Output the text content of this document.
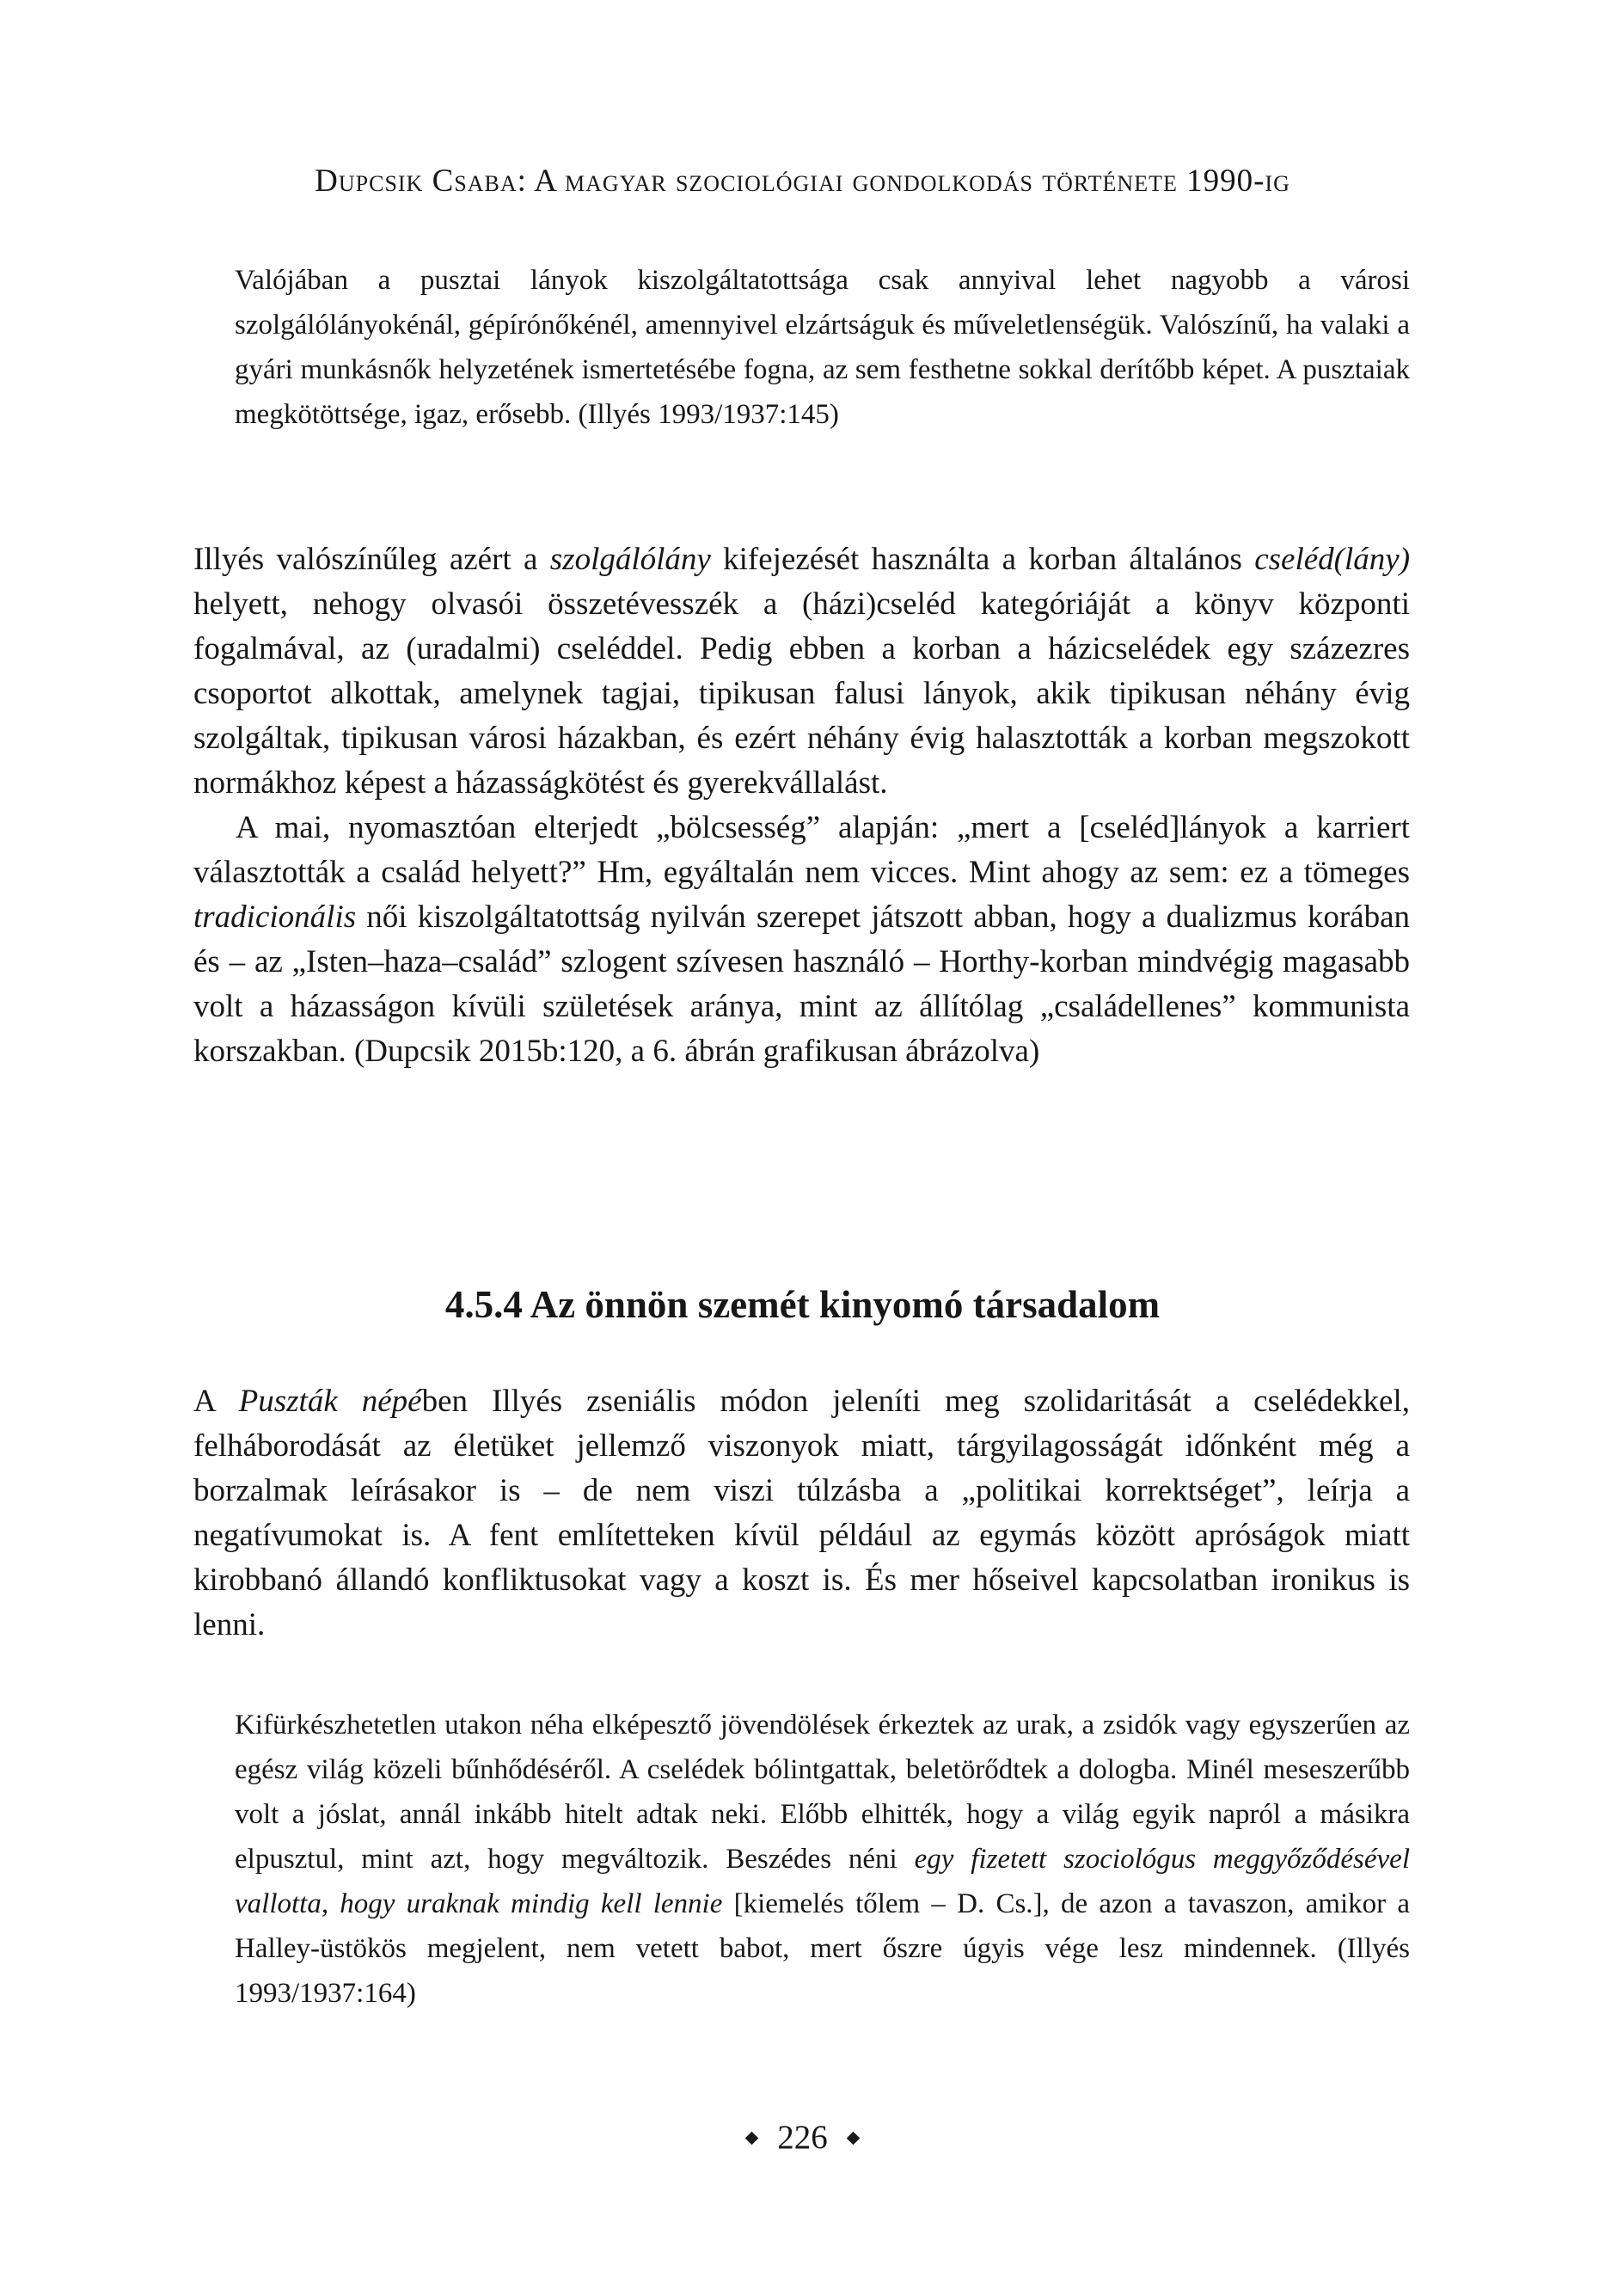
Dupcsik Csaba: A magyar szociológiai gondolkodás története 1990-ig
Valójában a pusztai lányok kiszolgáltatottsága csak annyival lehet nagyobb a városi szolgálólányokénál, gépírónőkénél, amennyivel elzártságuk és műveletlenségük. Valószínű, ha valaki a gyári munkásnők helyzetének ismertetésébe fogna, az sem festhetne sokkal derítőbb képet. A pusztaiak megkötöttsége, igaz, erősebb. (Illyés 1993/1937:145)

Illyés valószínűleg azért a szolgálólány kifejezését használta a korban általános cseléd(lány) helyett, nehogy olvasói összetévesszék a (házi)cseléd kategóriáját a könyv központi fogalmával, az (uradalmi) cseléddel. Pedig ebben a korban a házicselédek egy százezres csoportot alkottak, amelynek tagjai, tipikusan falusi lányok, akik tipikusan néhány évig szolgáltak, tipikusan városi házakban, és ezért néhány évig halasztották a korban megszokott normákhoz képest a házasságkötést és gyerekvállalást.

A mai, nyomasztóan elterjedt „bölcsesség” alapján: „mert a [cseléd]lányok a karriert választották a család helyett?” Hm, egyáltalán nem vicces. Mint ahogy az sem: ez a tömeges tradicionális női kiszolgáltatottság nyilván szerepet játszott abban, hogy a dualizmus korában és – az „Isten–haza–család” szlogent szívesen használó – Horthy-korban mindvégig magasabb volt a házasságon kívüli születések aránya, mint az állítólag „családellenes” kommunista korszakban. (Dupcsik 2015b:120, a 6. ábrán grafikusan ábrázolva)

4.5.4 Az önnön szemét kinyomó társadalom

A Puszták népében Illyés zseniális módon jeleníti meg szolidaritását a cselédekkel, felháborodását az életüket jellemző viszonyok miatt, tárgyilagosságát időnként még a borzalmak leírásakor is – de nem viszi túlzásba a „politikai korrektséget”, leírja a negatívumokat is. A fent említetteken kívül például az egymás között apróságok miatt kirobbanó állandó konfliktusokat vagy a koszt is. És mer hőseivel kapcsolatban ironikus is lenni.

Kifürkészhetetlen utakon néha elképesztő jövendölések érkeztek az urak, a zsidók vagy egyszerűen az egész világ közeli bűnhődéséről. A cselédek bólintgattak, beletörődtek a dologba. Minél meseszerűbb volt a jóslat, annál inkább hitelt adtak neki. Előbb elhitték, hogy a világ egyik napról a másikra elpusztul, mint azt, hogy megváltozik. Beszédes néni egy fizetett szociológus meggyőződésével vallotta, hogy uraknak mindig kell lennie [kiemelés tőlem – D. Cs.], de azon a tavaszon, amikor a Halley-üstökös megjelent, nem vetett babot, mert őszre úgyis vége lesz mindennek. (Illyés 1993/1937:164)
226
